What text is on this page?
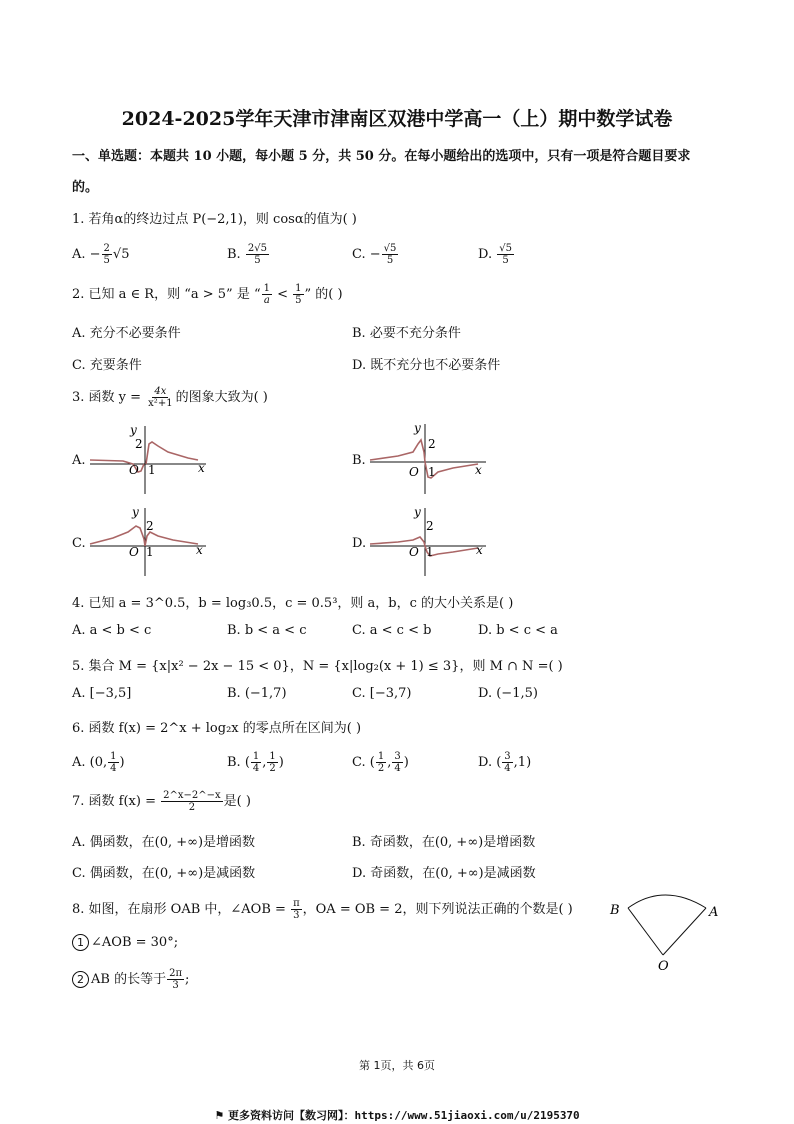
2024-2025学年天津市津南区双港中学高一（上）期中数学试卷
一、单选题：本题共 10 小题，每小题 5 分，共 50 分。在每小题给出的选项中，只有一项是符合题目要求
的。
1. 若角α的终边过点 P(−2,1)，则 cosα的值为( )
A. − $\frac{2}{5} √5$	B. $\frac{2√5}{5}$	C. − $\frac{√5}{5}$	D. $\frac{√5}{5}$
2. 已知 a ∈ R，则 “a > 5” 是 “ $\frac{1}{a} < \frac{1}{5}$ ” 的( )
A. 充分不必要条件	B. 必要不充分条件
C. 充要条件	D. 既不充分也不必要条件
3. 函数 $y = \frac{4x}{\text{x²+1}}$ 的图象大致为( )
A.
y
2
O 1	x	B.
y
2
O 1	x
C.
y
2
O 1	x	D.
y
2
O 1	x
4. 已知 a = 3^0.5，b = log₃0.5，c = 0.5³，则 a，b，c 的大小关系是( )
A. a < b < c	B. b < a < c	C. a < c < b	D. b < c < a
5. 集合 M = {x|x² − 2x − 15 < 0}，N = {x|log₂(x + 1) ≤ 3}，则 M ∩ N =( )
A. [−3,5]	B. (−1,7)	C. [−3,7)	D. (−1,5)
6. 函数 f(x) = 2^x + log₂x 的零点所在区间为( )
A. (0, $\frac{1}{4}$ )	B. ( $\frac{1}{4}$ , $\frac{1}{2}$ )	C. ( $\frac{1}{2}$ , $\frac{3}{4}$ )	D. ( $\frac{3}{4} ,1$)
7. 函数 $f(x) = \frac{2\^{}x-2\^{}-x}{2}$ 是( )
A. 偶函数，在(0, +∞)是增函数	B. 奇函数，在(0, +∞)是增函数
C. 偶函数，在(0, +∞)是减函数	D. 奇函数，在(0, +∞)是减函数
8. 如图，在扇形 OAB 中，∠AOB = $\frac{\pi}{3}$ ，OA = OB = 2，则下列说法正确的个数是( )
1 ∠AOB = 30°;
2 AB 的长等于 $\frac{2\pi}{3}$ ;
B	A
O
第 1页，共 6页
⚑ 更多资料访问【数习网】：https://www.51jiaoxi.com/u/2195370
